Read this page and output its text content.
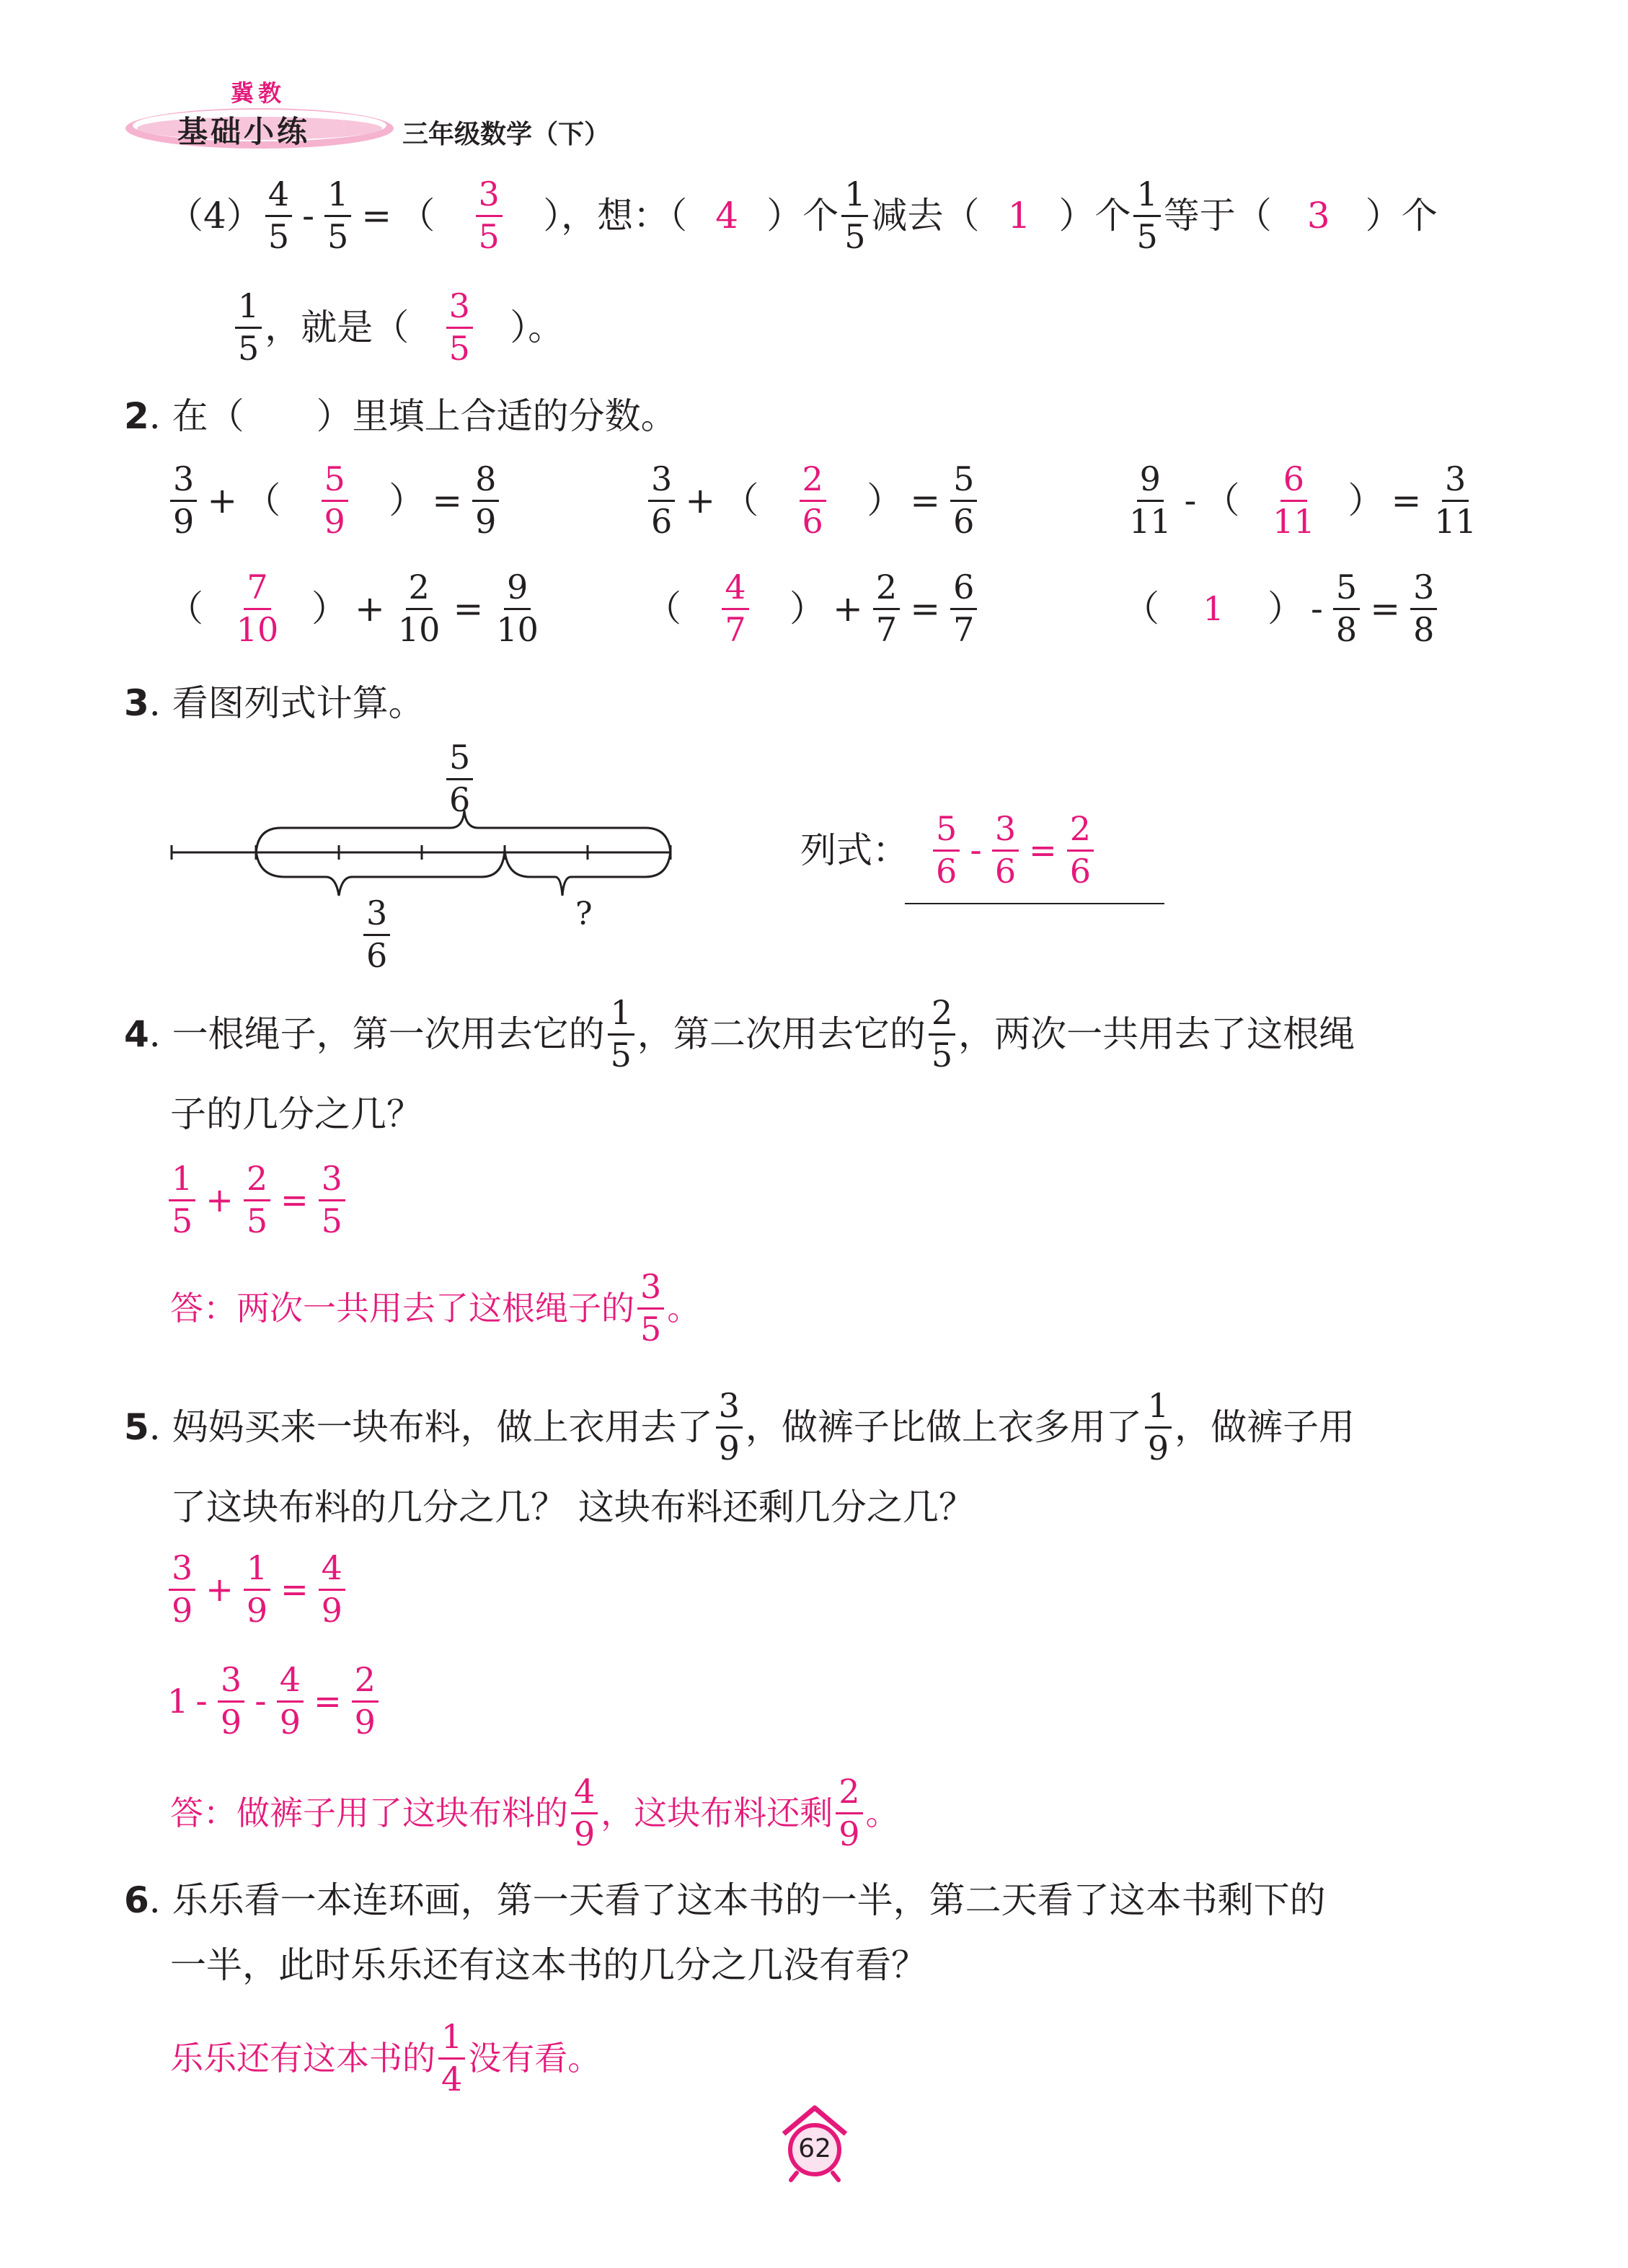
冀教
基础小练	三年级数学（下）
$(4) \frac{4}{5} - \frac{1}{5}$ = （ $\frac{3}{5}$ ），想：（ 4 ）个 $\frac{1}{5}$ 减去（ 1 ）个 $\frac{1}{5}$ 等于（ 3 ）个
$\frac{1}{5}$ ，就是（ $\frac{3}{5}$ ）。
2 . 在（　　）里填上合适的分数。
$\frac{3}{9}$ + （ $\frac{5}{9}$ ） = $\frac{8}{9}$	$\frac{3}{6}$ + （ $\frac{2}{6}$ ） = $\frac{5}{6}$	$\frac{9}{11}$ - （ $\frac{6}{11}$ ） = $\frac{3}{11}$
（ $\frac{7}{10}$ ） + $\frac{2}{10} = \frac{9}{10}$	（ $\frac{4}{7}$ ） + $\frac{2}{7} = \frac{6}{7}$	（	1	） - $\frac{5}{8} = \frac{3}{8}$
3 . 看图列式计算。
$\frac{5}{6}$
$\frac{3}{6}$	?
列式： $\frac{5}{6} - \frac{3}{6} = \frac{2}{6}$
4 . 一根绳子，第一次用去它的 $\frac{1}{5}$ ，第二次用去它的 $\frac{2}{5}$ ，两次一共用去了这根绳
子的几分之几？
$\frac{1}{5} + \frac{2}{5} = \frac{3}{5}$
答：两次一共用去了这根绳子的 $\frac{3}{5}$ 。
5 . 妈妈买来一块布料，做上衣用去了 $\frac{3}{9}$ ，做裤子比做上衣多用了 $\frac{1}{9}$ ，做裤子用
了这块布料的几分之几？ 这块布料还剩几分之几？
$\frac{3}{9} + \frac{1}{9} = \frac{4}{9}$
$1 - \frac{3}{9} - \frac{4}{9} = \frac{2}{9}$
答：做裤子用了这块布料的 $\frac{4}{9}$ ，这块布料还剩 $\frac{2}{9}$ 。
6 . 乐乐看一本连环画，第一天看了这本书的一半，第二天看了这本书剩下的
一半，此时乐乐还有这本书的几分之几没有看？
乐乐还有这本书的 $\frac{1}{4}$ 没有看。
62
